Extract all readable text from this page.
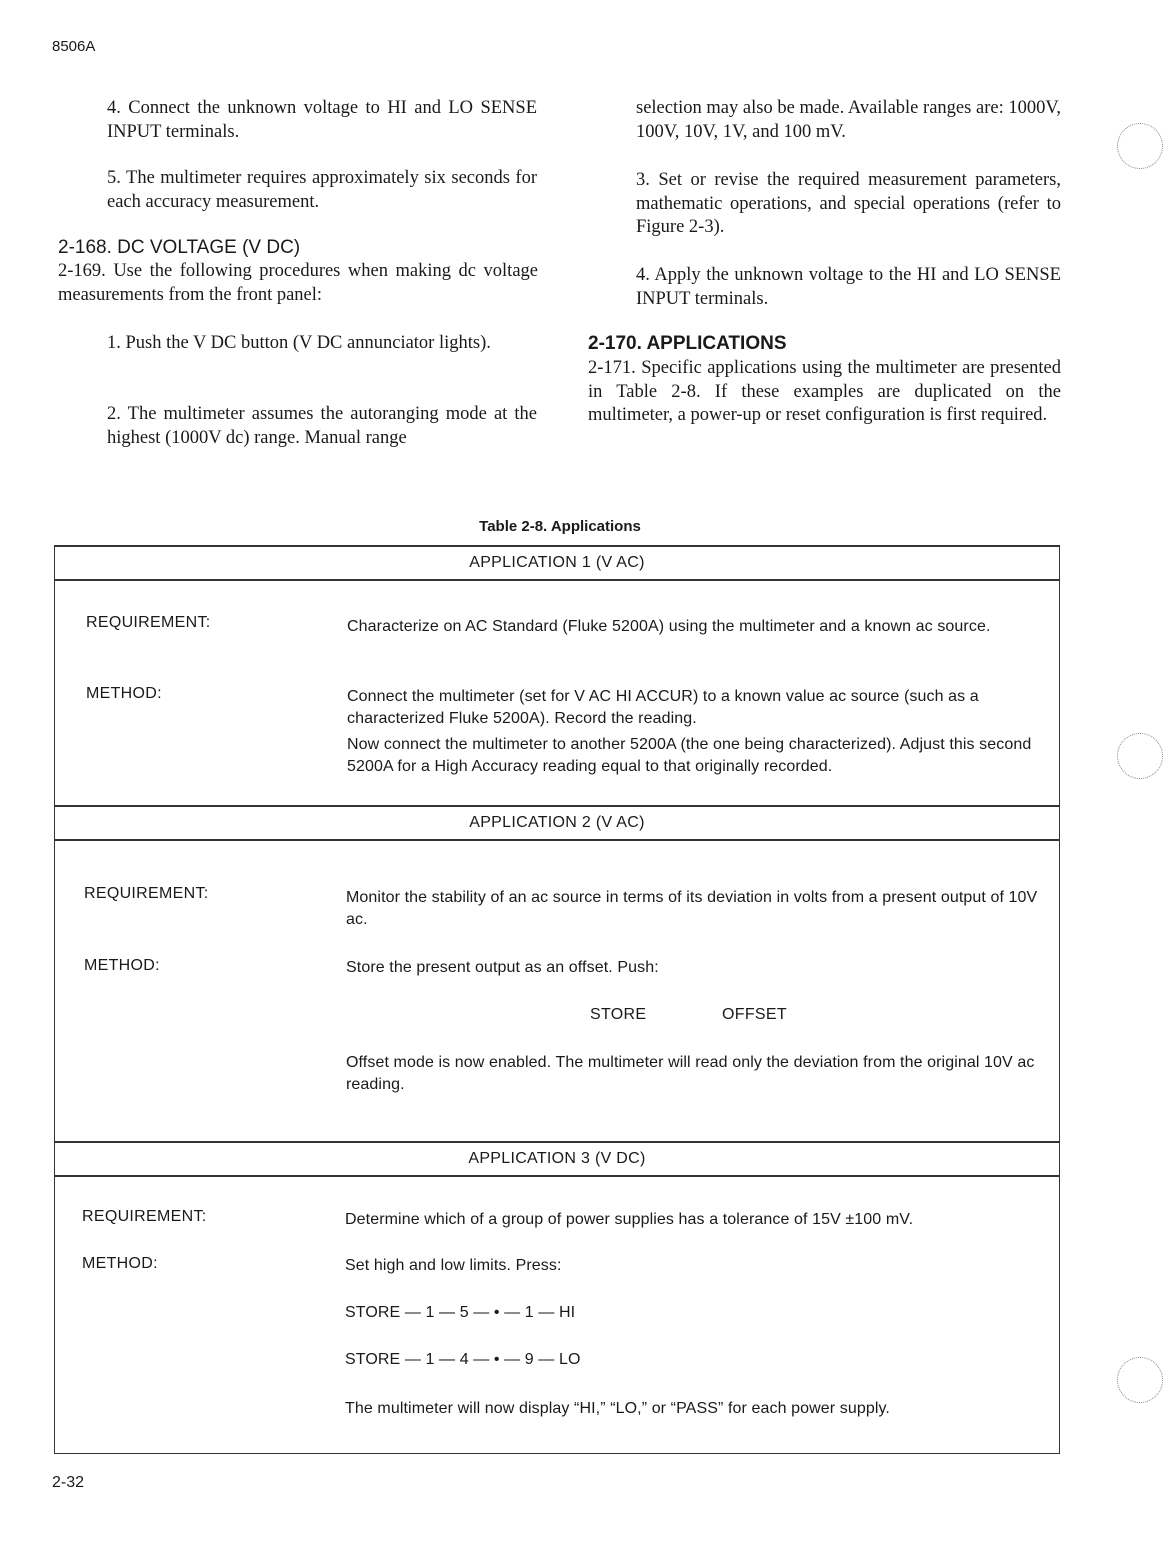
8506A
4. Connect the unknown voltage to HI and LO SENSE INPUT terminals.
5. The multimeter requires approximately six seconds for each accuracy measurement.
2-168. DC VOLTAGE (V DC)
2-169. Use the following procedures when making dc voltage measurements from the front panel:
1. Push the V DC button (V DC annunciator lights).
2. The multimeter assumes the autoranging mode at the highest (1000V dc) range. Manual range
selection may also be made. Available ranges are: 1000V, 100V, 10V, 1V, and 100 mV.
3. Set or revise the required measurement parameters, mathematic operations, and special operations (refer to Figure 2-3).
4. Apply the unknown voltage to the HI and LO SENSE INPUT terminals.
2-170. APPLICATIONS
2-171. Specific applications using the multimeter are presented in Table 2-8. If these examples are duplicated on the multimeter, a power-up or reset configuration is first required.
Table 2-8. Applications
APPLICATION 1 (V AC)
REQUIREMENT:	Characterize on AC Standard (Fluke 5200A) using the multimeter and a known ac source.
METHOD:	Connect the multimeter (set for V AC HI ACCUR) to a known value ac source (such as a characterized Fluke 5200A). Record the reading.
Now connect the multimeter to another 5200A (the one being characterized). Adjust this second 5200A for a High Accuracy reading equal to that originally recorded.
APPLICATION 2 (V AC)
REQUIREMENT:	Monitor the stability of an ac source in terms of its deviation in volts from a present output of 10V ac.
METHOD:	Store the present output as an offset. Push:
STORE	OFFSET
Offset mode is now enabled. The multimeter will read only the deviation from the original 10V ac reading.
APPLICATION 3 (V DC)
REQUIREMENT:	Determine which of a group of power supplies has a tolerance of 15V ±100 mV.
METHOD:	Set high and low limits. Press:
STORE — 1 — 5 — • — 1 — HI
STORE — 1 — 4 — • — 9 — LO
The multimeter will now display “HI,” “LO,” or “PASS” for each power supply.
2-32
